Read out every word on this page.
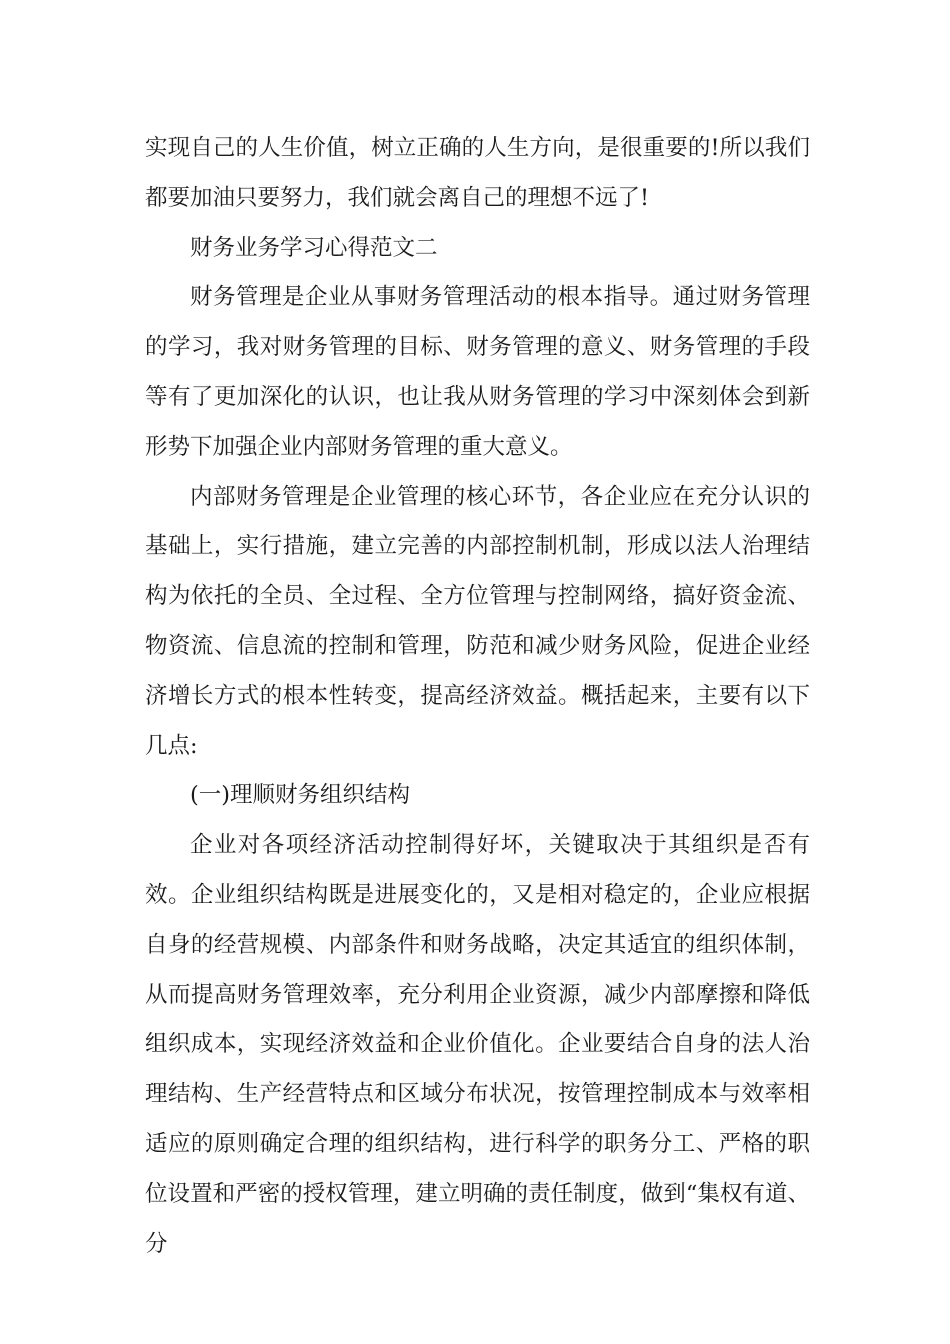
实现自己的人生价值，树立正确的人生方向，是很重要的!所以我们都要加油只要努力，我们就会离自己的理想不远了!

财务业务学习心得范文二

财务管理是企业从事财务管理活动的根本指导。通过财务管理的学习，我对财务管理的目标、财务管理的意义、财务管理的手段等有了更加深化的认识，也让我从财务管理的学习中深刻体会到新形势下加强企业内部财务管理的重大意义。

内部财务管理是企业管理的核心环节，各企业应在充分认识的基础上，实行措施，建立完善的内部控制机制，形成以法人治理结构为依托的全员、全过程、全方位管理与控制网络，搞好资金流、物资流、信息流的控制和管理，防范和减少财务风险，促进企业经济增长方式的根本性转变，提高经济效益。概括起来，主要有以下几点:

(一)理顺财务组织结构

企业对各项经济活动控制得好坏，关键取决于其组织是否有效。企业组织结构既是进展变化的，又是相对稳定的，企业应根据自身的经营规模、内部条件和财务战略，决定其适宜的组织体制，从而提高财务管理效率，充分利用企业资源，减少内部摩擦和降低组织成本，实现经济效益和企业价值化。企业要结合自身的法人治理结构、生产经营特点和区域分布状况，按管理控制成本与效率相适应的原则确定合理的组织结构，进行科学的职务分工、严格的职位设置和严密的授权管理，建立明确的责任制度，做到“集权有道、分
